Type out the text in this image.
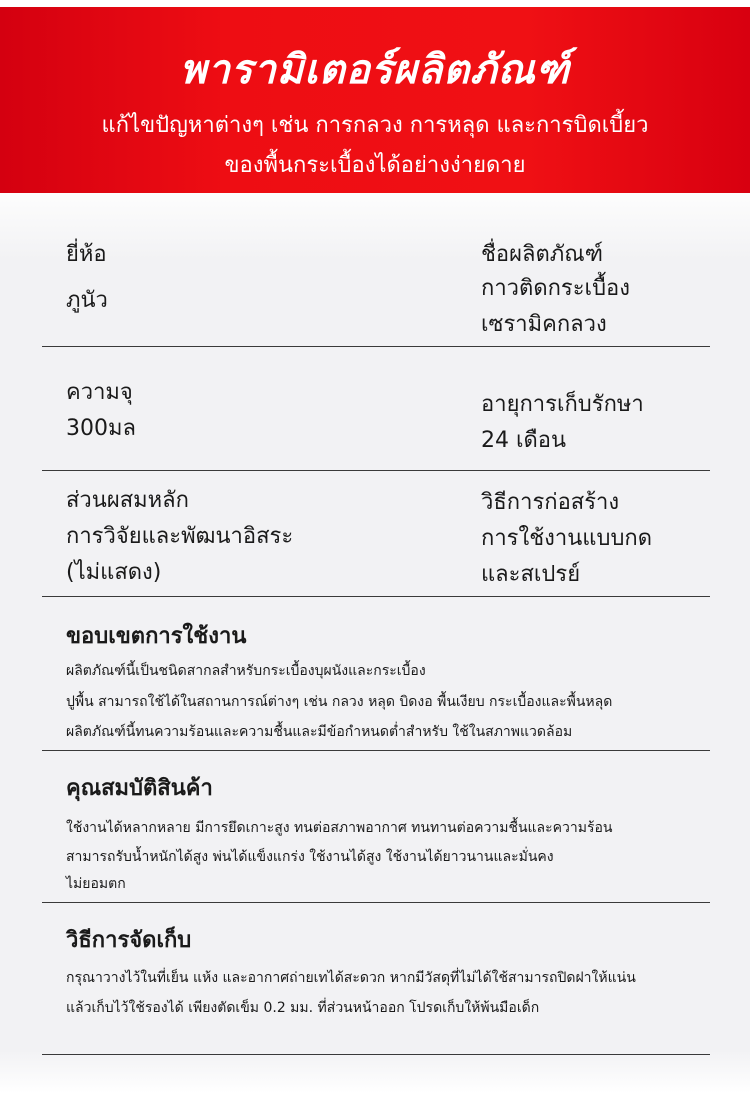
พารามิเตอร์ผลิตภัณฑ์
แก้ไขปัญหาต่างๆ เช่น การกลวง การหลุด และการบิดเบี้ยว
ของพื้นกระเบื้องได้อย่างง่ายดาย
ยี่ห้อ
ภูนัว
ชื่อผลิตภัณฑ์
กาวติดกระเบื้อง
เซรามิคกลวง
ความจุ
300มล
อายุการเก็บรักษา
24 เดือน
ส่วนผสมหลัก
การวิจัยและพัฒนาอิสระ
(ไม่แสดง)
วิธีการก่อสร้าง
การใช้งานแบบกด
และสเปรย์
ขอบเขตการใช้งาน
ผลิตภัณฑ์นี้เป็นชนิดสากลสำหรับกระเบื้องบุผนังและกระเบื้อง
ปูพื้น สามารถใช้ได้ในสถานการณ์ต่างๆ เช่น กลวง หลุด บิดงอ พื้นเงียบ กระเบื้องและพื้นหลุด
ผลิตภัณฑ์นี้ทนความร้อนและความชื้นและมีข้อกำหนดต่ำสำหรับ ใช้ในสภาพแวดล้อม
คุณสมบัติสินค้า
ใช้งานได้หลากหลาย มีการยึดเกาะสูง ทนต่อสภาพอากาศ ทนทานต่อความชื้นและความร้อน
สามารถรับน้ำหนักได้สูง พ่นได้แข็งแกร่ง ใช้งานได้สูง ใช้งานได้ยาวนานและมั่นคง
ไม่ยอมตก
วิธีการจัดเก็บ
กรุณาวางไว้ในที่เย็น แห้ง และอากาศถ่ายเทได้สะดวก หากมีวัสดุที่ไม่ได้ใช้สามารถปิดฝาให้แน่น
แล้วเก็บไว้ใช้รองได้ เพียงตัดเข็ม 0.2 มม. ที่ส่วนหน้าออก โปรดเก็บให้พ้นมือเด็ก
